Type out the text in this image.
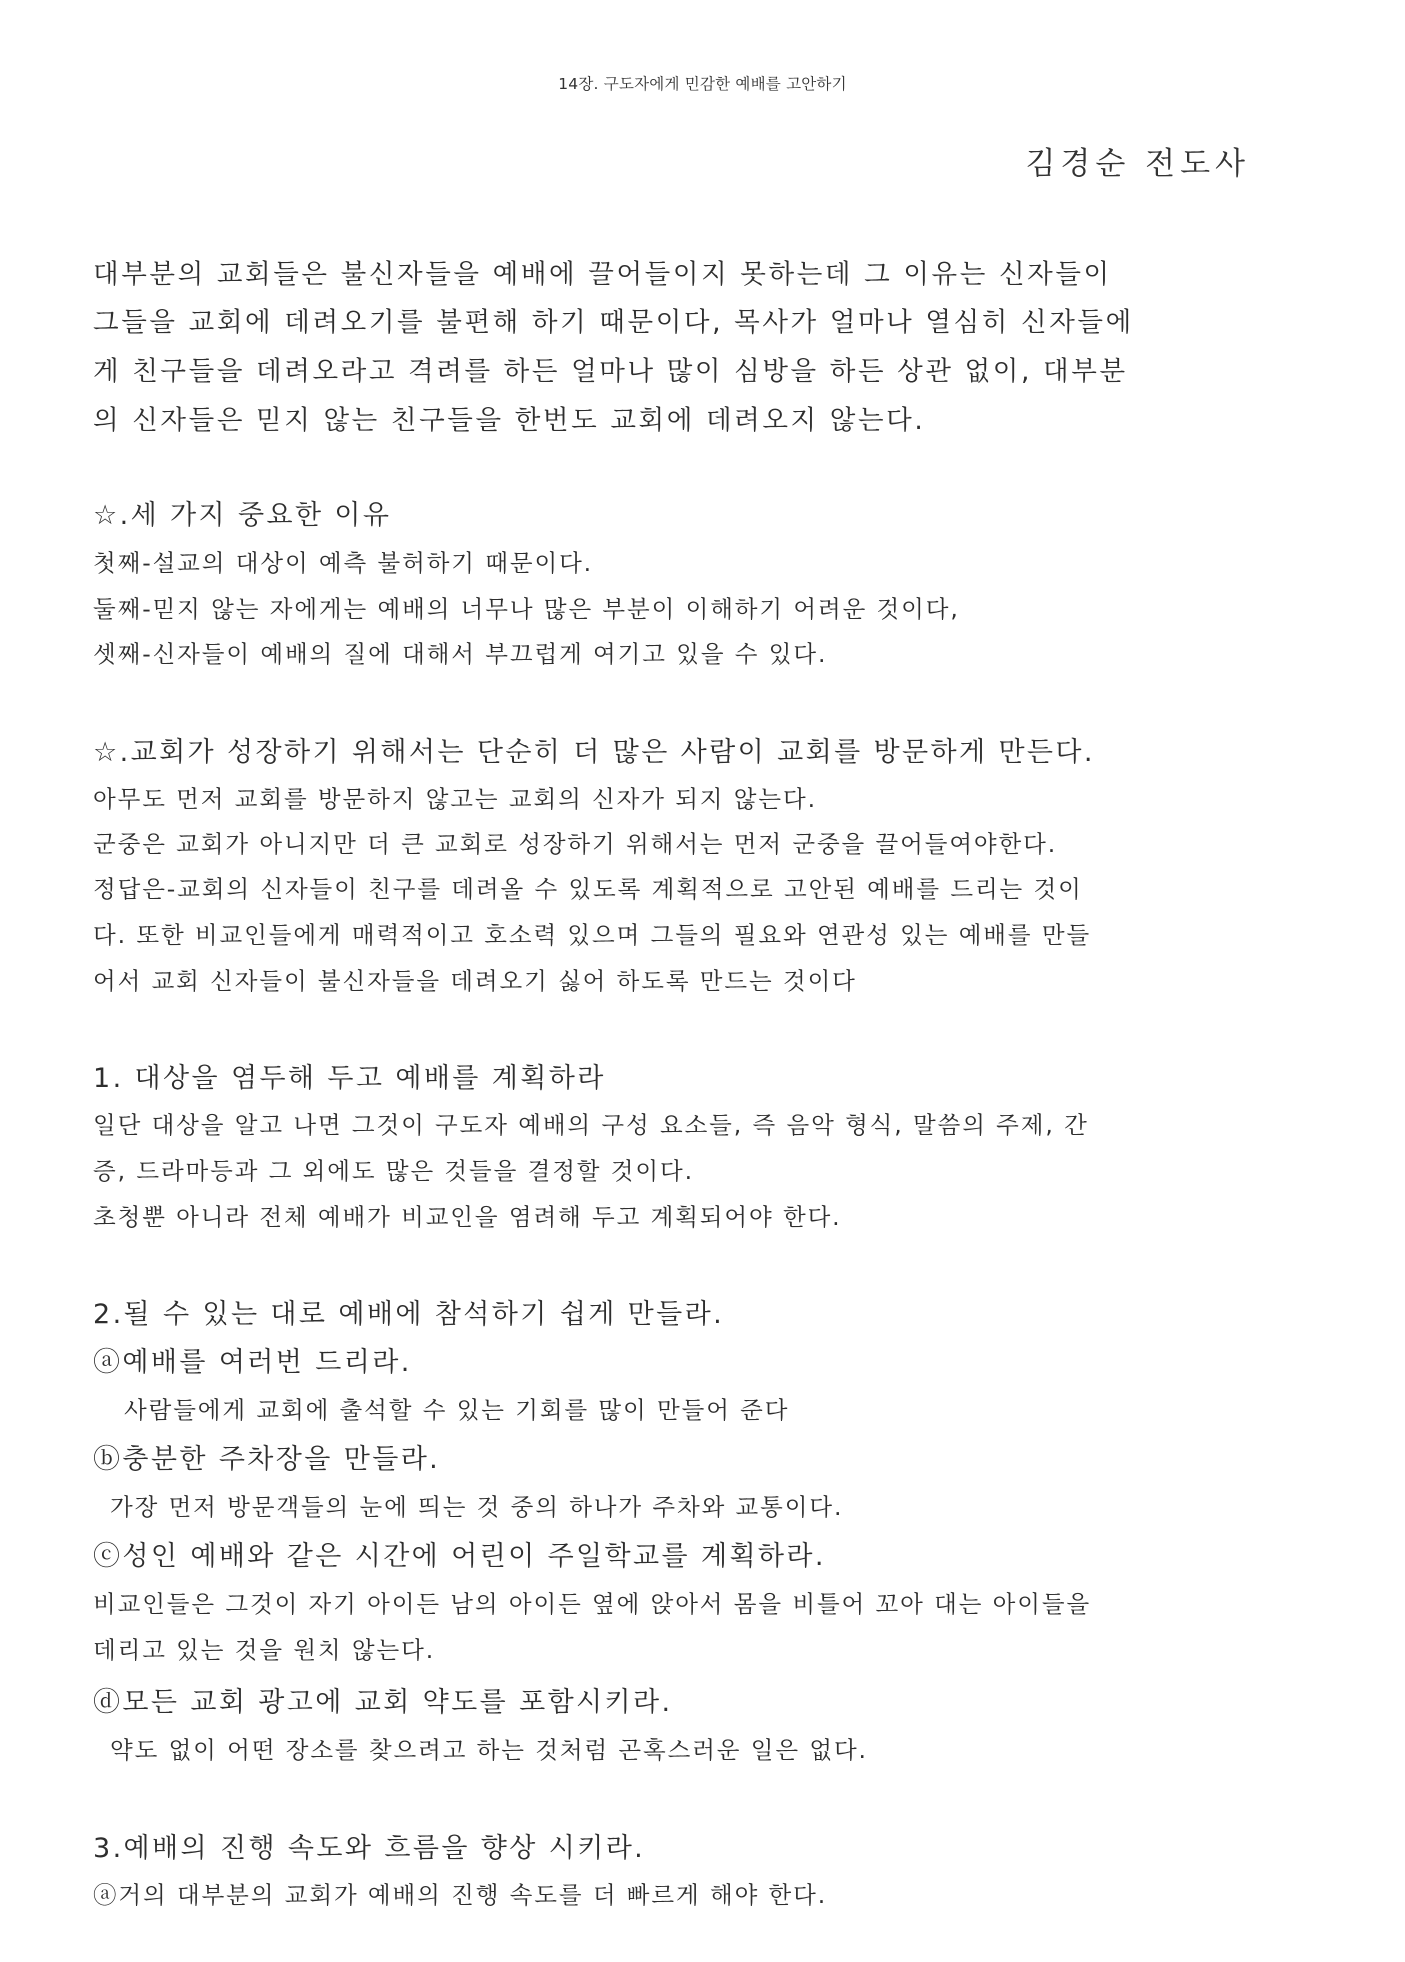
14장. 구도자에게 민감한 예배를 고안하기
김경순 전도사
대부분의 교회들은 불신자들을 예배에 끌어들이지 못하는데 그 이유는 신자들이
그들을 교회에 데려오기를 불편해 하기 때문이다, 목사가 얼마나 열심히 신자들에
게 친구들을 데려오라고 격려를 하든 얼마나 많이 심방을 하든 상관 없이, 대부분
의 신자들은 믿지 않는 친구들을 한번도 교회에 데려오지 않는다.
☆.세 가지 중요한 이유
첫째-설교의 대상이 예측 불허하기 때문이다.
둘째-믿지 않는 자에게는 예배의 너무나 많은 부분이 이해하기 어려운 것이다,
셋째-신자들이 예배의 질에 대해서 부끄럽게 여기고 있을 수 있다.
☆.교회가 성장하기 위해서는 단순히 더 많은 사람이 교회를 방문하게 만든다.
아무도 먼저 교회를 방문하지 않고는 교회의 신자가 되지 않는다.
군중은 교회가 아니지만 더 큰 교회로 성장하기 위해서는 먼저 군중을 끌어들여야한다.
정답은-교회의 신자들이 친구를 데려올 수 있도록 계획적으로 고안된 예배를 드리는 것이
다. 또한 비교인들에게 매력적이고 호소력 있으며 그들의 필요와 연관성 있는 예배를 만들
어서 교회 신자들이 불신자들을 데려오기 싫어 하도록 만드는 것이다
1. 대상을 염두해 두고 예배를 계획하라
일단 대상을 알고 나면 그것이 구도자 예배의 구성 요소들, 즉 음악 형식, 말씀의 주제, 간
증, 드라마등과 그 외에도 많은 것들을 결정할 것이다.
초청뿐 아니라 전체 예배가 비교인을 염려해 두고 계획되어야 한다.
2.될 수 있는 대로 예배에 참석하기 쉽게 만들라.
ⓐ예배를 여러번 드리라.
사람들에게 교회에 출석할 수 있는 기회를 많이 만들어 준다
ⓑ충분한 주차장을 만들라.
가장 먼저 방문객들의 눈에 띄는 것 중의 하나가 주차와 교통이다.
ⓒ성인 예배와 같은 시간에 어린이 주일학교를 계획하라.
비교인들은 그것이 자기 아이든 남의 아이든 옆에 앉아서 몸을 비틀어 꼬아 대는 아이들을
데리고 있는 것을 원치 않는다.
ⓓ모든 교회 광고에 교회 약도를 포함시키라.
약도 없이 어떤 장소를 찾으려고 하는 것처럼 곤혹스러운 일은 없다.
3.예배의 진행 속도와 흐름을 향상 시키라.
ⓐ거의 대부분의 교회가 예배의 진행 속도를 더 빠르게 해야 한다.
